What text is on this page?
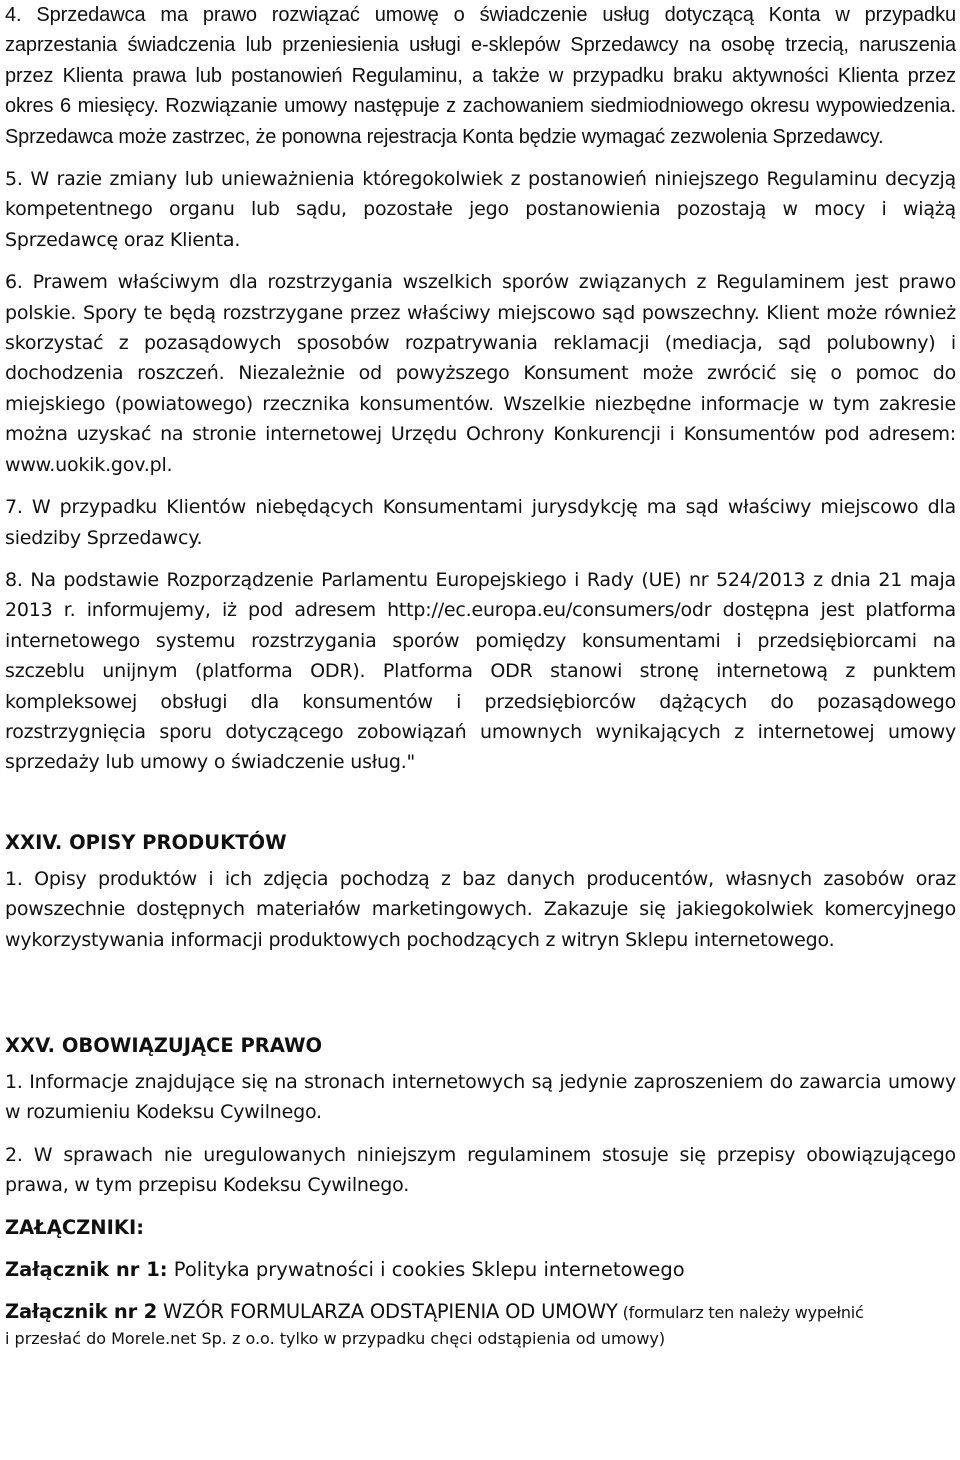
4. Sprzedawca ma prawo rozwiązać umowę o świadczenie usług dotyczącą Konta w przypadku zaprzestania świadczenia lub przeniesienia usługi e-sklepów Sprzedawcy na osobę trzecią, naruszenia przez Klienta prawa lub postanowień Regulaminu, a także w przypadku braku aktywności Klienta przez okres 6 miesięcy. Rozwiązanie umowy następuje z zachowaniem siedmiodniowego okresu wypowiedzenia. Sprzedawca może zastrzec, że ponowna rejestracja Konta będzie wymagać zezwolenia Sprzedawcy.

5. W razie zmiany lub unieważnienia któregokolwiek z postanowień niniejszego Regulaminu decyzją kompetentnego organu lub sądu, pozostałe jego postanowienia pozostają w mocy i wiążą Sprzedawcę oraz Klienta.

6. Prawem właściwym dla rozstrzygania wszelkich sporów związanych z Regulaminem jest prawo polskie. Spory te będą rozstrzygane przez właściwy miejscowo sąd powszechny. Klient może również skorzystać z pozasądowych sposobów rozpatrywania reklamacji (mediacja, sąd polubowny) i dochodzenia roszczeń. Niezależnie od powyższego Konsument może zwrócić się o pomoc do miejskiego (powiatowego) rzecznika konsumentów. Wszelkie niezbędne informacje w tym zakresie można uzyskać na stronie internetowej Urzędu Ochrony Konkurencji i Konsumentów pod adresem: www.uokik.gov.pl.

7. W przypadku Klientów niebędących Konsumentami jurysdykcję ma sąd właściwy miejscowo dla siedziby Sprzedawcy.

8. Na podstawie Rozporządzenie Parlamentu Europejskiego i Rady (UE) nr 524/2013 z dnia 21 maja 2013 r. informujemy, iż pod adresem http://ec.europa.eu/consumers/odr dostępna jest platforma internetowego systemu rozstrzygania sporów pomiędzy konsumentami i przedsiębiorcami na szczeblu unijnym (platforma ODR). Platforma ODR stanowi stronę internetową z punktem kompleksowej obsługi dla konsumentów i przedsiębiorców dążących do pozasądowego rozstrzygnięcia sporu dotyczącego zobowiązań umownych wynikających z internetowej umowy sprzedaży lub umowy o świadczenie usług."

XXIV. OPISY PRODUKTÓW

1. Opisy produktów i ich zdjęcia pochodzą z baz danych producentów, własnych zasobów oraz powszechnie dostępnych materiałów marketingowych. Zakazuje się jakiegokolwiek komercyjnego wykorzystywania informacji produktowych pochodzących z witryn Sklepu internetowego.

XXV. OBOWIĄZUJĄCE PRAWO

1. Informacje znajdujące się na stronach internetowych są jedynie zaproszeniem do zawarcia umowy w rozumieniu Kodeksu Cywilnego.

2. W sprawach nie uregulowanych niniejszym regulaminem stosuje się przepisy obowiązującego prawa, w tym przepisu Kodeksu Cywilnego.

ZAŁĄCZNIKI:

Załącznik nr 1: Polityka prywatności i cookies Sklepu internetowego

Załącznik nr 2 WZÓR FORMULARZA ODSTĄPIENIA OD UMOWY (formularz ten należy wypełnić

i przesłać do Morele.net Sp. z o.o. tylko w przypadku chęci odstąpienia od umowy)
